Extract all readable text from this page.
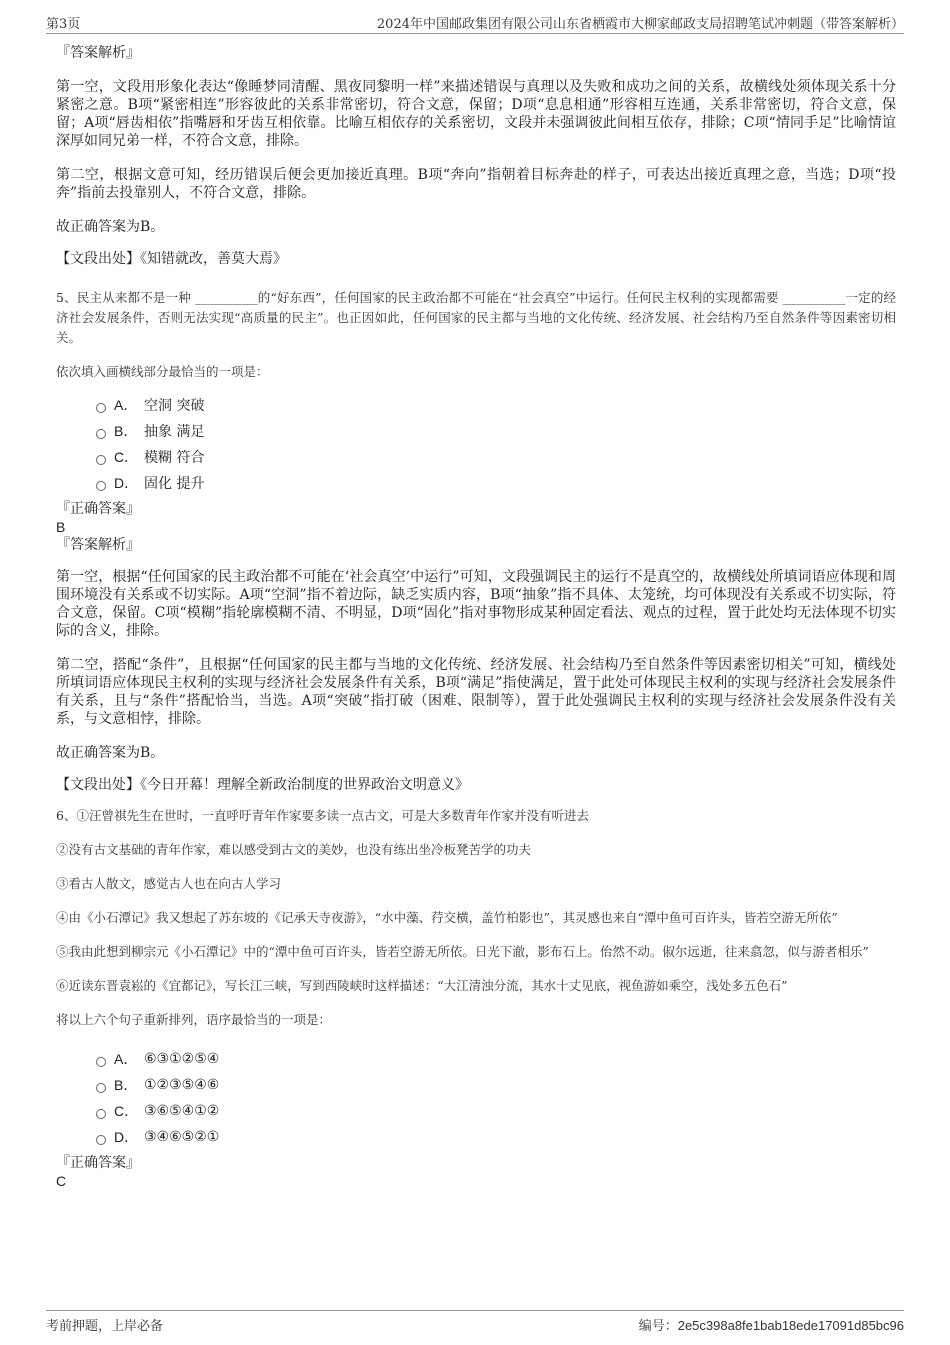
第3页	2024年中国邮政集团有限公司山东省栖霞市大柳家邮政支局招聘笔试冲刺题（带答案解析）

『答案解析』

第一空，文段用形象化表达“像睡梦同清醒、黑夜同黎明一样”来描述错误与真理以及失败和成功之间的关系，故横线处须体现关系十分紧密之意。B项“紧密相连”形容彼此的关系非常密切，符合文意，保留；D项“息息相通”形容相互连通，关系非常密切，符合文意，保留；A项“唇齿相依”指嘴唇和牙齿互相依靠。比喻互相依存的关系密切，文段并未强调彼此间相互依存，排除；C项“情同手足”比喻情谊深厚如同兄弟一样，不符合文意，排除。

第二空，根据文意可知，经历错误后便会更加接近真理。B项“奔向”指朝着目标奔赴的样子，可表达出接近真理之意，当选；D项“投奔”指前去投靠别人，不符合文意，排除。

故正确答案为B。

【文段出处】《知错就改，善莫大焉》

5、民主从来都不是一种 __________的“好东西”，任何国家的民主政治都不可能在“社会真空”中运行。任何民主权利的实现都需要 __________一定的经济社会发展条件，否则无法实现“高质量的民主”。也正因如此，任何国家的民主都与当地的文化传统、经济发展、社会结构乃至自然条件等因素密切相关。

依次填入画横线部分最恰当的一项是：

A． 空洞 突破
B． 抽象 满足
C． 模糊 符合
D． 固化 提升

『正确答案』

B

『答案解析』

第一空，根据“任何国家的民主政治都不可能在‘社会真空’中运行”可知，文段强调民主的运行不是真空的，故横线处所填词语应体现和周围环境没有关系或不切实际。A项“空洞”指不着边际，缺乏实质内容，B项“抽象”指不具体、太笼统，均可体现没有关系或不切实际，符合文意，保留。C项“模糊”指轮廓模糊不清、不明显，D项“固化”指对事物形成某种固定看法、观点的过程，置于此处均无法体现不切实际的含义，排除。

第二空，搭配“条件”，且根据“任何国家的民主都与当地的文化传统、经济发展、社会结构乃至自然条件等因素密切相关”可知，横线处所填词语应体现民主权利的实现与经济社会发展条件有关系，B项“满足”指使满足，置于此处可体现民主权利的实现与经济社会发展条件有关系，且与“条件”搭配恰当，当选。A项“突破”指打破（困难、限制等），置于此处强调民主权利的实现与经济社会发展条件没有关系，与文意相悖，排除。

故正确答案为B。

【文段出处】《今日开幕！理解全新政治制度的世界政治文明意义》

6、①汪曾祺先生在世时，一直呼吁青年作家要多读一点古文，可是大多数青年作家并没有听进去

②没有古文基础的青年作家，难以感受到古文的美妙，也没有练出坐冷板凳苦学的功夫

③看古人散文，感觉古人也在向古人学习

④由《小石潭记》我又想起了苏东坡的《记承天寺夜游》，“水中藻、荇交横，盖竹柏影也”，其灵感也来自“潭中鱼可百许头，皆若空游无所依”

⑤我由此想到柳宗元《小石潭记》中的“潭中鱼可百许头，皆若空游无所依。日光下澈，影布石上。佁然不动。俶尔远逝，往来翕忽，似与游者相乐”

⑥近读东晋袁崧的《宜都记》，写长江三峡，写到西陵峡时这样描述：“大江清浊分流，其水十丈见底，视鱼游如乘空，浅处多五色石”

将以上六个句子重新排列，语序最恰当的一项是：

A． ⑥③①②⑤④
B． ①②③⑤④⑥
C． ③⑥⑤④①②
D． ③④⑥⑤②①

『正确答案』

C

考前押题，上岸必备	编号：2e5c398a8fe1bab18ede17091d85bc96
